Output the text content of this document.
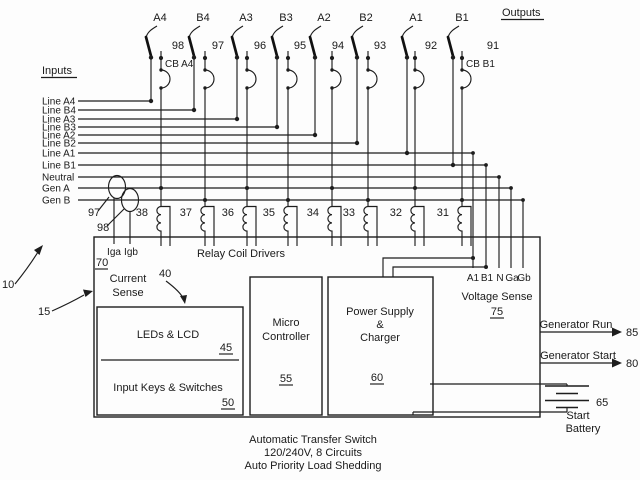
Inputs
Outputs
Line A4
Line B4
Line A3
Line B3
Line A2
Line B2
Line A1
Line B1
Neutral
Gen A
Gen B
A4
98
CB A4
38
B4
97
37
A3
96
36
B3
95
35
A2
94
34
B2
93
33
A1
92
32
B1
91
CB B1
31
Relay Coil Drivers
97
98
Iga Igb
70
Current
Sense
LEDs & LCD
45
Input Keys & Switches
50
Micro
Controller
55
Power Supply
&
Charger
60
A1 B1 N Ga
Gb
Voltage Sense
75
Generator Run
85
Generator Start
80
65
Start
Battery
10
15
40
Automatic Transfer Switch
120/240V, 8 Circuits
Auto Priority Load Shedding
